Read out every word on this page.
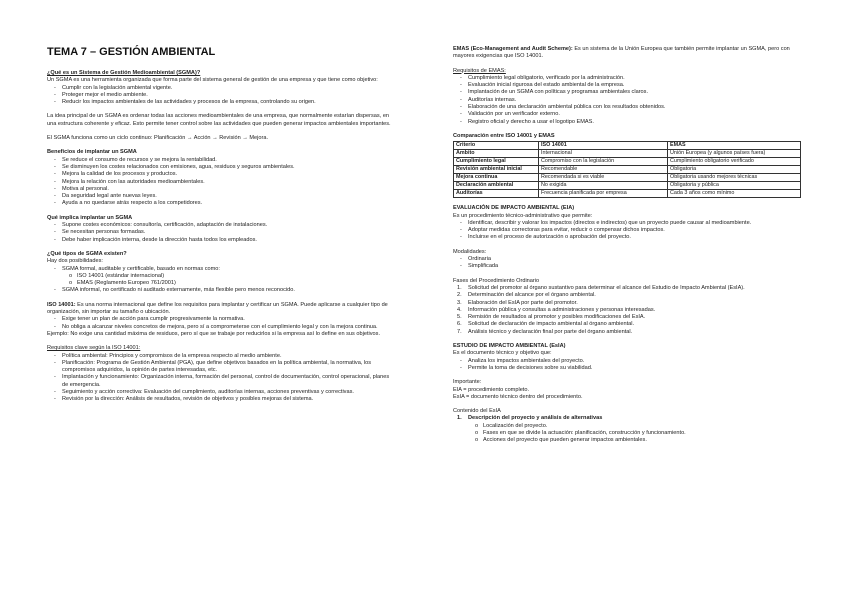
TEMA 7 – GESTIÓN AMBIENTAL

¿Qué es un Sistema de Gestión Medioambiental (SGMA)?

Un SGMA es una herramienta organizada que forma parte del sistema general de gestión de una empresa y que tiene como objetivo:

- Cumplir con la legislación ambiental vigente.
- Proteger mejor el medio ambiente.
- Reducir los impactos ambientales de las actividades y procesos de la empresa, controlando su origen.

La idea principal de un SGMA es ordenar todas las acciones medioambientales de una empresa, que normalmente estarían dispersas, en una estructura coherente y eficaz. Esto permite tener control sobre las actividades que pueden generar impactos ambientales importantes.

El SGMA funciona como un ciclo continuo: Planificación → Acción → Revisión → Mejora.

Beneficios de implantar un SGMA

- Se reduce el consumo de recursos y se mejora la rentabilidad.
- Se disminuyen los costes relacionados con emisiones, agua, residuos y seguros ambientales.
- Mejora la calidad de los procesos y productos.
- Mejora la relación con las autoridades medioambientales.
- Motiva al personal.
- Da seguridad legal ante nuevas leyes.
- Ayuda a no quedarse atrás respecto a los competidores.

Qué implica implantar un SGMA

- Supone costes económicos: consultoría, certificación, adaptación de instalaciones.
- Se necesitan personas formadas.
- Debe haber implicación interna, desde la dirección hasta todos los empleados.

¿Qué tipos de SGMA existen?

Hay dos posibilidades:

- SGMA formal, auditable y certificable, basado en normas como:
o ISO 14001 (estándar internacional)
o EMAS (Reglamento Europeo 761/2001)
- SGMA informal, no certificado ni auditado externamente, más flexible pero menos reconocido.

ISO 14001: Es una norma internacional que define los requisitos para implantar y certificar un SGMA. Puede aplicarse a cualquier tipo de organización, sin importar su tamaño o ubicación.

- Exige tener un plan de acción para cumplir progresivamente la normativa.
- No obliga a alcanzar niveles concretos de mejora, pero sí a comprometerse con el cumplimiento legal y con la mejora continua.

Ejemplo: No exige una cantidad máxima de residuos, pero sí que se trabaje por reducirlos si la empresa así lo define en sus objetivos.

Requisitos clave según la ISO 14001:

- Política ambiental: Principios y compromisos de la empresa respecto al medio ambiente.
- Planificación: Programa de Gestión Ambiental (PGA), que define objetivos basados en la política ambiental, la normativa, los compromisos adquiridos, la opinión de partes interesadas, etc.
- Implantación y funcionamiento: Organización interna, formación del personal, control de documentación, control operacional, planes de emergencia.
- Seguimiento y acción correctiva: Evaluación del cumplimiento, auditorías internas, acciones preventivas y correctivas.
- Revisión por la dirección: Análisis de resultados, revisión de objetivos y posibles mejoras del sistema.

EMAS (Eco-Management and Audit Scheme): Es un sistema de la Unión Europea que también permite implantar un SGMA, pero con mayores exigencias que ISO 14001.

Requisitos de EMAS:

- Cumplimiento legal obligatorio, verificado por la administración.
- Evaluación inicial rigurosa del estado ambiental de la empresa.
- Implantación de un SGMA con políticas y programas ambientales claros.
- Auditorías internas.
- Elaboración de una declaración ambiental pública con los resultados obtenidos.
- Validación por un verificador externo.
- Registro oficial y derecho a usar el logotipo EMAS.

Comparación entre ISO 14001 y EMAS

Criterio	ISO 14001	EMAS
Ámbito	Internacional	Unión Europea (y algunos países fuera)
Cumplimiento legal	Compromiso con la legislación	Cumplimiento obligatorio verificado
Revisión ambiental inicial	Recomendable	Obligatoria
Mejora continua	Recomendada si es viable	Obligatoria usando mejores técnicas
Declaración ambiental	No exigida	Obligatoria y pública
Auditorías	Frecuencia planificada por empresa	Cada 3 años como mínimo

EVALUACIÓN DE IMPACTO AMBIENTAL (EIA)

Es un procedimiento técnico-administrativo que permite:

- Identificar, describir y valorar los impactos (directos e indirectos) que un proyecto puede causar al medioambiente.
- Adoptar medidas correctoras para evitar, reducir o compensar dichos impactos.
- Incluirse en el proceso de autorización o aprobación del proyecto.

Modalidades:

- Ordinaria
- Simplificada

Fases del Procedimiento Ordinario

1. Solicitud del promotor al órgano sustantivo para determinar el alcance del Estudio de Impacto Ambiental (EsIA).
2. Determinación del alcance por el órgano ambiental.
3. Elaboración del EsIA por parte del promotor.
4. Información pública y consultas a administraciones y personas interesadas.
5. Remisión de resultados al promotor y posibles modificaciones del EsIA.
6. Solicitud de declaración de impacto ambiental al órgano ambiental.
7. Análisis técnico y declaración final por parte del órgano ambiental.

ESTUDIO DE IMPACTO AMBIENTAL (EsIA)

Es el documento técnico y objetivo que:

- Analiza los impactos ambientales del proyecto.
- Permite la toma de decisiones sobre su viabilidad.

Importante:

EIA = procedimiento completo.

EsIA = documento técnico dentro del procedimiento.

Contenido del EsIA

1. Descripción del proyecto y análisis de alternativas
o Localización del proyecto.
o Fases en que se divide la actuación: planificación, construcción y funcionamiento.
o Acciones del proyecto que pueden generar impactos ambientales.
